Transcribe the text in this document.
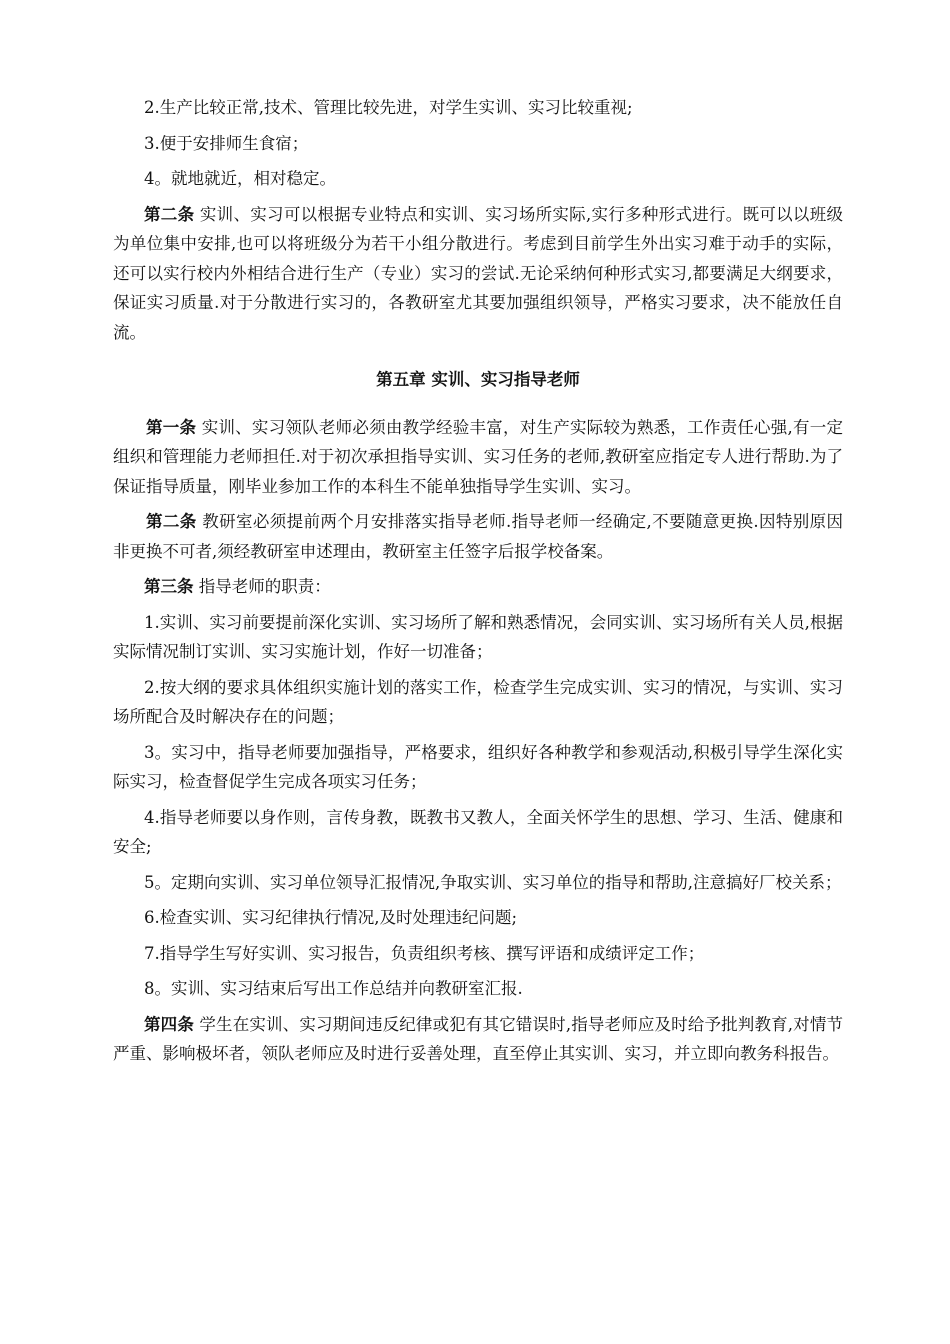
2.生产比较正常,技术、管理比较先进，对学生实训、实习比较重视;

3.便于安排师生食宿；

4。就地就近，相对稳定。

第二条 实训、实习可以根据专业特点和实训、实习场所实际,实行多种形式进行。既可以以班级为单位集中安排,也可以将班级分为若干小组分散进行。考虑到目前学生外出实习难于动手的实际，还可以实行校内外相结合进行生产（专业）实习的尝试.无论采纳何种形式实习,都要满足大纲要求，保证实习质量.对于分散进行实习的，各教研室尤其要加强组织领导，严格实习要求，决不能放任自流。

第五章 实训、实习指导老师

第一条 实训、实习领队老师必须由教学经验丰富，对生产实际较为熟悉，工作责任心强,有一定组织和管理能力老师担任.对于初次承担指导实训、实习任务的老师,教研室应指定专人进行帮助.为了保证指导质量，刚毕业参加工作的本科生不能单独指导学生实训、实习。

第二条 教研室必须提前两个月安排落实指导老师.指导老师一经确定,不要随意更换.因特别原因非更换不可者,须经教研室申述理由，教研室主任签字后报学校备案。

第三条 指导老师的职责：

1.实训、实习前要提前深化实训、实习场所了解和熟悉情况，会同实训、实习场所有关人员,根据实际情况制订实训、实习实施计划，作好一切准备；

2.按大纲的要求具体组织实施计划的落实工作，检查学生完成实训、实习的情况，与实训、实习场所配合及时解决存在的问题；

3。实习中，指导老师要加强指导，严格要求，组织好各种教学和参观活动,积极引导学生深化实际实习，检查督促学生完成各项实习任务；

4.指导老师要以身作则，言传身教，既教书又教人，全面关怀学生的思想、学习、生活、健康和安全;

5。定期向实训、实习单位领导汇报情况,争取实训、实习单位的指导和帮助,注意搞好厂校关系；

6.检查实训、实习纪律执行情况,及时处理违纪问题;

7.指导学生写好实训、实习报告，负责组织考核、撰写评语和成绩评定工作；

8。实训、实习结束后写出工作总结并向教研室汇报.

第四条 学生在实训、实习期间违反纪律或犯有其它错误时,指导老师应及时给予批判教育,对情节严重、影响极坏者，领队老师应及时进行妥善处理，直至停止其实训、实习，并立即向教务科报告。
